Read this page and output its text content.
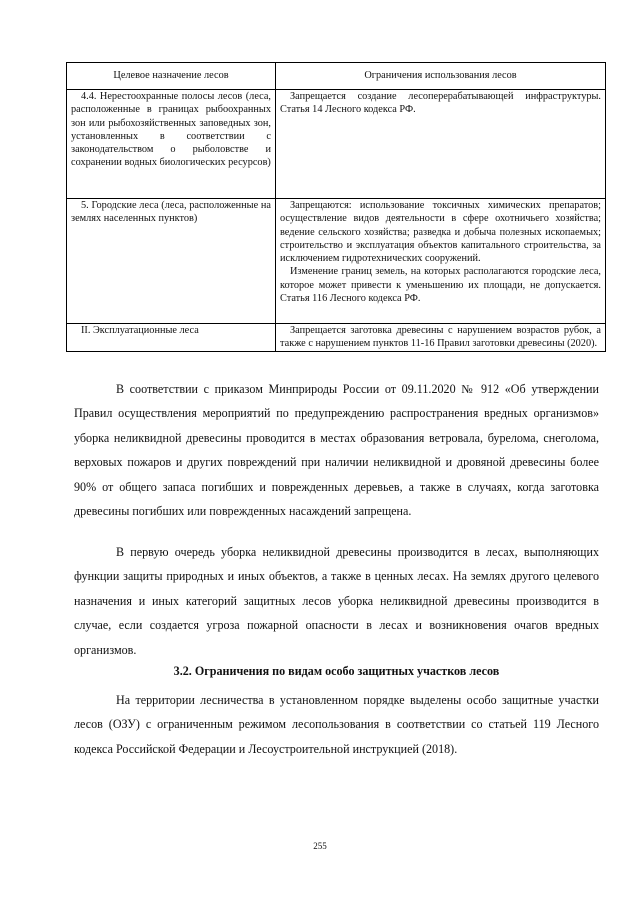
Целевое назначение лесов	Ограничения использования лесов

4.4. Нерестоохранные полосы лесов (леса, расположенные в границах рыбоохранных зон или рыбохозяйственных заповедных зон, установленных в соответствии с законодательством о рыболовстве и сохранении водных биологических ресурсов)	Запрещается создание лесоперерабатывающей инфраструктуры. Статья 14 Лесного кодекса РФ.

5. Городские леса (леса, расположенные на землях населенных пунктов)	Запрещаются: использование токсичных химических препаратов; осуществление видов деятельности в сфере охотничьего хозяйства; ведение сельского хозяйства; разведка и добыча полезных ископаемых; строительство и эксплуатация объектов капитального строительства, за исключением гидротехнических сооружений.
Изменение границ земель, на которых располагаются городские леса, которое может привести к уменьшению их площади, не допускается. Статья 116 Лесного кодекса РФ.

II. Эксплуатационные леса	Запрещается заготовка древесины с нарушением возрастов рубок, а также с нарушением пунктов 11-16 Правил заготовки древесины (2020).

В соответствии с приказом Минприроды России от 09.11.2020 № 912 «Об утверждении Правил осуществления мероприятий по предупреждению распространения вредных организмов» уборка неликвидной древесины проводится в местах образования ветровала, бурелома, снеголома, верховых пожаров и других повреждений при наличии неликвидной и дровяной древесины более 90% от общего запаса погибших и поврежденных деревьев, а также в случаях, когда заготовка древесины погибших или поврежденных насаждений запрещена.

В первую очередь уборка неликвидной древесины производится в лесах, выполняющих функции защиты природных и иных объектов, а также в ценных лесах. На землях другого целевого назначения и иных категорий защитных лесов уборка неликвидной древесины производится в случае, если создается угроза пожарной опасности в лесах и возникновения очагов вредных организмов.

3.2. Ограничения по видам особо защитных участков лесов

На территории лесничества в установленном порядке выделены особо защитные участки лесов (ОЗУ) с ограниченным режимом лесопользования в соответствии со статьей 119 Лесного кодекса Российской Федерации и Лесоустроительной инструкцией (2018).

255
